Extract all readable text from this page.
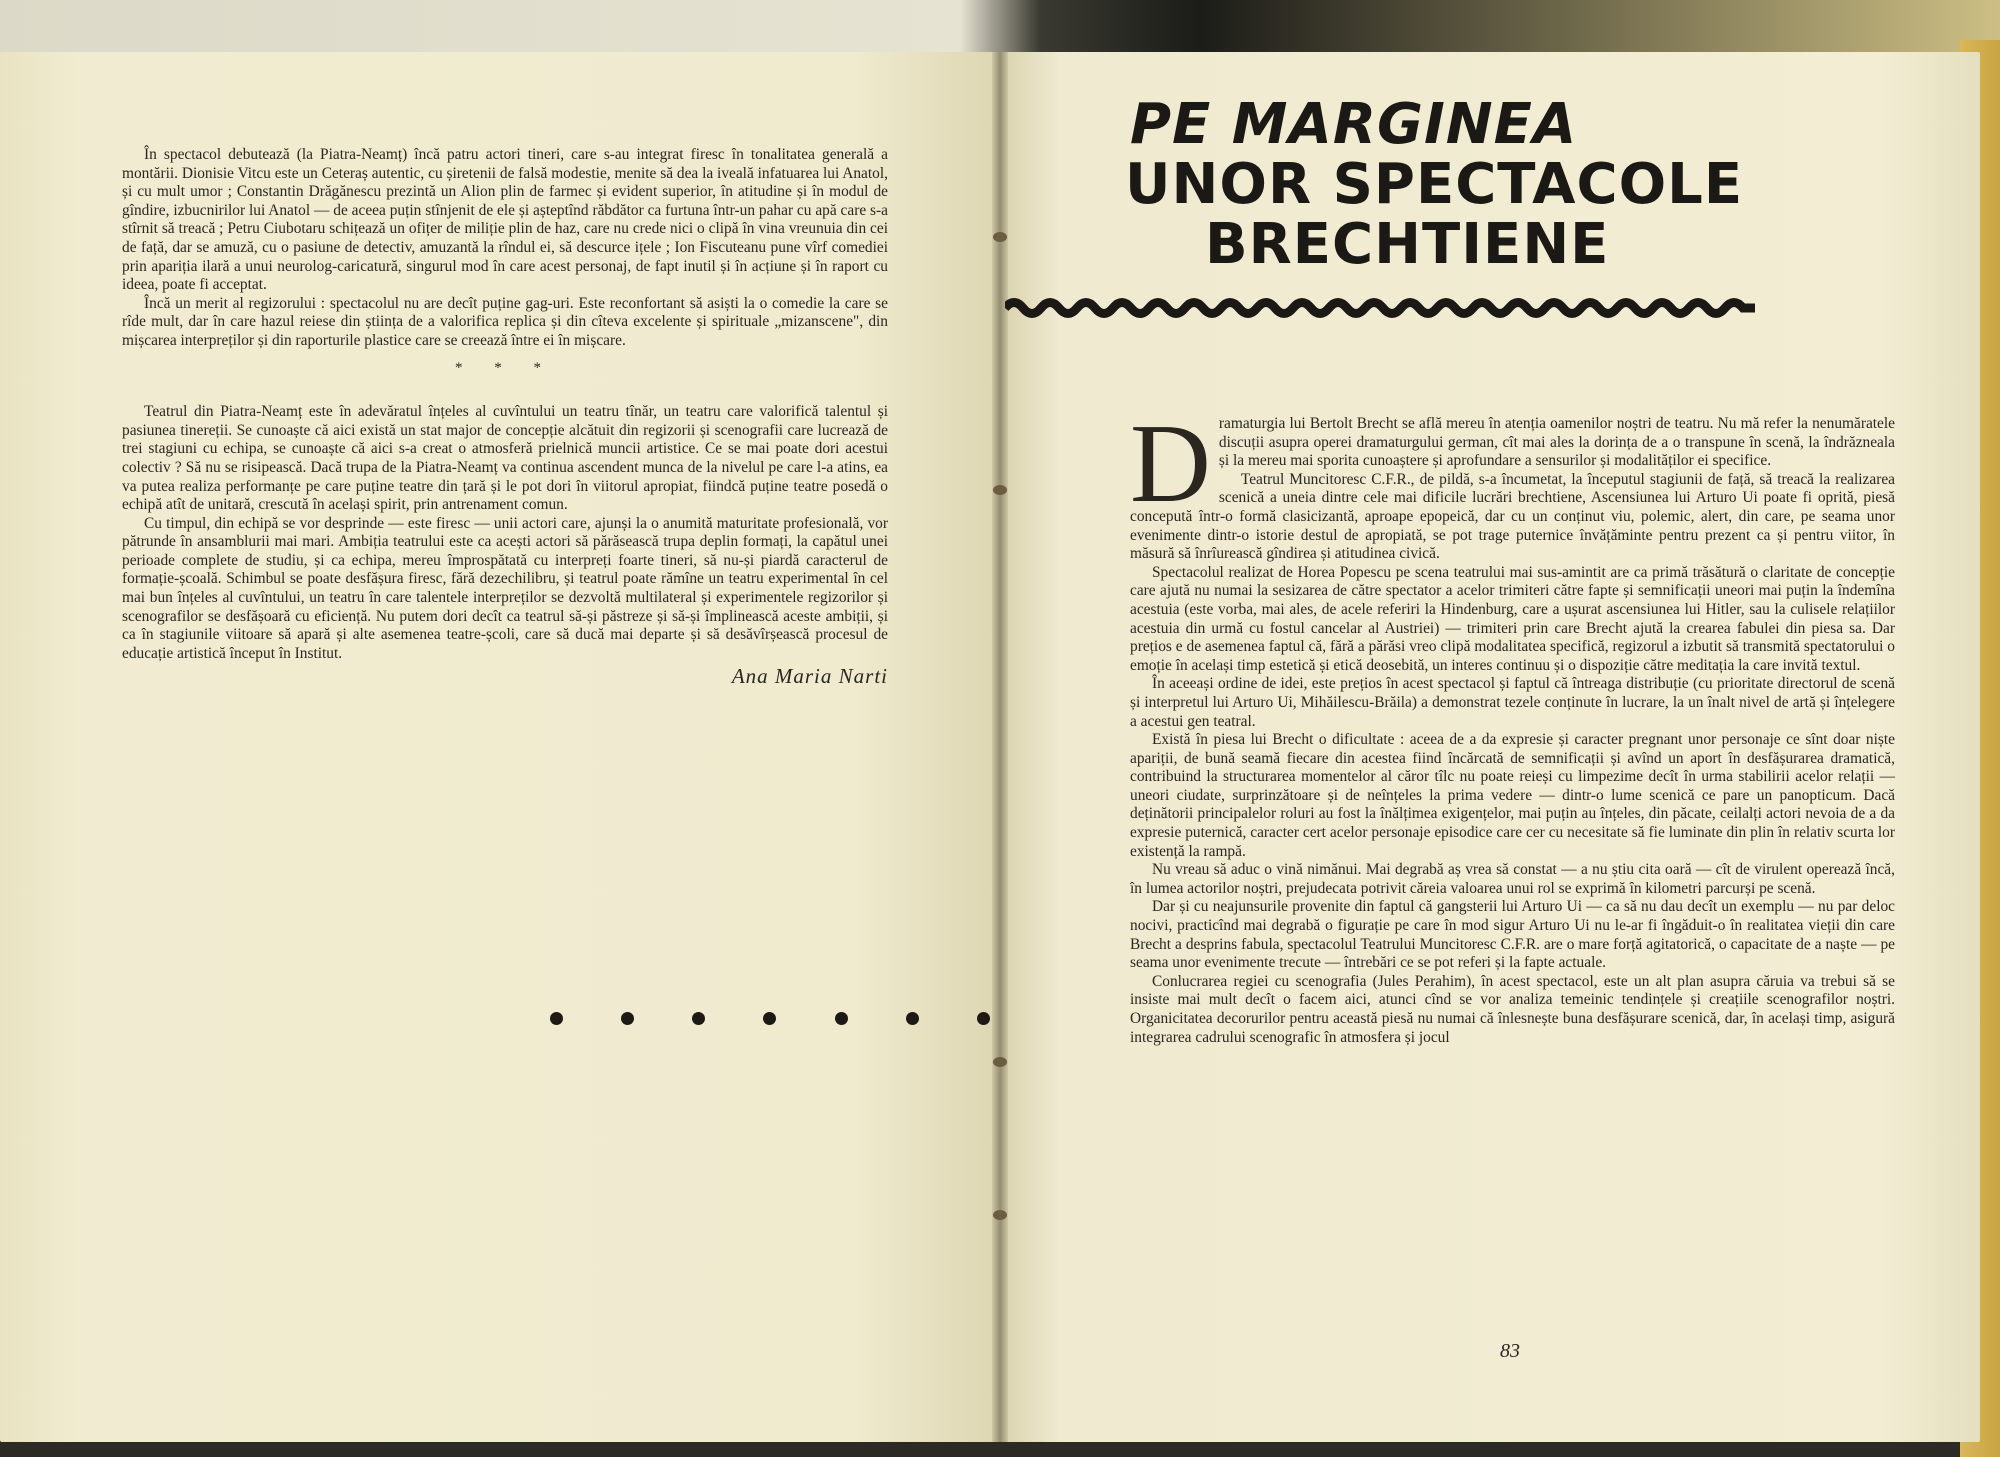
În spectacol debutează (la Piatra-Neamț) încă patru actori tineri, care s-au integrat firesc în tonalitatea generală a montării. Dionisie Vitcu este un Ceteraș autentic, cu șiretenii de falsă modestie, menite să dea la iveală infatuarea lui Anatol, și cu mult umor ; Constantin Drăgănescu prezintă un Alion plin de farmec și evident superior, în atitudine și în modul de gîndire, izbucnirilor lui Anatol — de aceea puțin stînjenit de ele și așteptînd răbdător ca furtuna într-un pahar cu apă care s-a stîrnit să treacă ; Petru Ciubotaru schițează un ofițer de miliție plin de haz, care nu crede nici o clipă în vina vreunuia din cei de față, dar se amuză, cu o pasiune de detectiv, amuzantă la rîndul ei, să descurce ițele ; Ion Fiscuteanu pune vîrf comediei prin apariția ilară a unui neurolog-caricatură, singurul mod în care acest personaj, de fapt inutil și în acțiune și în raport cu ideea, poate fi acceptat.

Încă un merit al regizorului : spectacolul nu are decît puține gag-uri. Este reconfortant să asiști la o comedie la care se rîde mult, dar în care hazul reiese din știința de a valorifica replica și din cîteva excelente și spirituale „mizanscene", din mișcarea interpreților și din raporturile plastice care se creează între ei în mișcare.

* * *

Teatrul din Piatra-Neamț este în adevăratul înțeles al cuvîntului un teatru tînăr, un teatru care valorifică talentul și pasiunea tinereții. Se cunoaște că aici există un stat major de concepție alcătuit din regizorii și scenografii care lucrează de trei stagiuni cu echipa, se cunoaște că aici s-a creat o atmosferă prielnică muncii artistice. Ce se mai poate dori acestui colectiv ? Să nu se risipească. Dacă trupa de la Piatra-Neamț va continua ascendent munca de la nivelul pe care l-a atins, ea va putea realiza performanțe pe care puține teatre din țară și le pot dori în viitorul apropiat, fiindcă puține teatre posedă o echipă atît de unitară, crescută în același spirit, prin antrenament comun.

Cu timpul, din echipă se vor desprinde — este firesc — unii actori care, ajunși la o anumită maturitate profesională, vor pătrunde în ansamblurii mai mari. Ambiția teatrului este ca acești actori să părăsească trupa deplin formați, la capătul unei perioade complete de studiu, și ca echipa, mereu împrospătată cu interpreți foarte tineri, să nu-și piardă caracterul de formație-școală. Schimbul se poate desfășura firesc, fără dezechilibru, și teatrul poate rămîne un teatru experimental în cel mai bun înțeles al cuvîntului, un teatru în care talentele interpreților se dezvoltă multilateral și experimentele regizorilor și scenografilor se desfășoară cu eficiență. Nu putem dori decît ca teatrul să-și păstreze și să-și împlinească aceste ambiții, și ca în stagiunile viitoare să apară și alte asemenea teatre-școli, care să ducă mai departe și să desăvîrșească procesul de educație artistică început în Institut.

Ana Maria Narti
PE MARGINEA
UNOR SPECTACOLE
BRECHTIENE

Dramaturgia lui Bertolt Brecht se află mereu în atenția oamenilor noștri de teatru. Nu mă refer la nenumăratele discuții asupra operei dramaturgului german, cît mai ales la dorința de a o transpune în scenă, la îndrăzneala și la mereu mai sporita cunoaștere și aprofundare a sensurilor și modalităților ei specifice.

Teatrul Muncitoresc C.F.R., de pildă, s-a încumetat, la începutul stagiunii de față, să treacă la realizarea scenică a uneia dintre cele mai dificile lucrări brechtiene, Ascensiunea lui Arturo Ui poate fi oprită, piesă concepută într-o formă clasicizantă, aproape epopeică, dar cu un conținut viu, polemic, alert, din care, pe seama unor evenimente dintr-o istorie destul de apropiată, se pot trage puternice învățăminte pentru prezent ca și pentru viitor, în măsură să înrîurească gîndirea și atitudinea civică.

Spectacolul realizat de Horea Popescu pe scena teatrului mai sus-amintit are ca primă trăsătură o claritate de concepție care ajută nu numai la sesizarea de către spectator a acelor trimiteri către fapte și semnificații uneori mai puțin la îndemîna acestuia (este vorba, mai ales, de acele referiri la Hindenburg, care a ușurat ascensiunea lui Hitler, sau la culisele relațiilor acestuia din urmă cu fostul cancelar al Austriei) — trimiteri prin care Brecht ajută la crearea fabulei din piesa sa. Dar prețios e de asemenea faptul că, fără a părăsi vreo clipă modalitatea specifică, regizorul a izbutit să transmită spectatorului o emoție în același timp estetică și etică deosebită, un interes continuu și o dispoziție către meditația la care invită textul.

În aceeași ordine de idei, este prețios în acest spectacol și faptul că întreaga distribuție (cu prioritate directorul de scenă și interpretul lui Arturo Ui, Mihăilescu-Brăila) a demonstrat tezele conținute în lucrare, la un înalt nivel de artă și înțelegere a acestui gen teatral.

Există în piesa lui Brecht o dificultate : aceea de a da expresie și caracter pregnant unor personaje ce sînt doar niște apariții, de bună seamă fiecare din acestea fiind încărcată de semnificații și avînd un aport în desfășurarea dramatică, contribuind la structurarea momentelor al căror tîlc nu poate reieși cu limpezime decît în urma stabilirii acelor relații — uneori ciudate, surprinzătoare și de neînțeles la prima vedere — dintr-o lume scenică ce pare un panopticum. Dacă deținătorii principalelor roluri au fost la înălțimea exigențelor, mai puțin au înțeles, din păcate, ceilalți actori nevoia de a da expresie puternică, caracter cert acelor personaje episodice care cer cu necesitate să fie luminate din plin în relativ scurta lor existență la rampă.

Nu vreau să aduc o vină nimănui. Mai degrabă aș vrea să constat — a nu știu cita oară — cît de virulent operează încă, în lumea actorilor noștri, prejudecata potrivit căreia valoarea unui rol se exprimă în kilometri parcurși pe scenă.

Dar și cu neajunsurile provenite din faptul că gangsterii lui Arturo Ui — ca să nu dau decît un exemplu — nu par deloc nocivi, practicînd mai degrabă o figurație pe care în mod sigur Arturo Ui nu le-ar fi îngăduit-o în realitatea vieții din care Brecht a desprins fabula, spectacolul Teatrului Muncitoresc C.F.R. are o mare forță agitatorică, o capacitate de a naște — pe seama unor evenimente trecute — întrebări ce se pot referi și la fapte actuale.

Conlucrarea regiei cu scenografia (Jules Perahim), în acest spectacol, este un alt plan asupra căruia va trebui să se insiste mai mult decît o facem aici, atunci cînd se vor analiza temeinic tendințele și creațiile scenografilor noștri. Organicitatea decorurilor pentru această piesă nu numai că înlesnește buna desfășurare scenică, dar, în același timp, asigură integrarea cadrului scenografic în atmosfera și jocul

83
